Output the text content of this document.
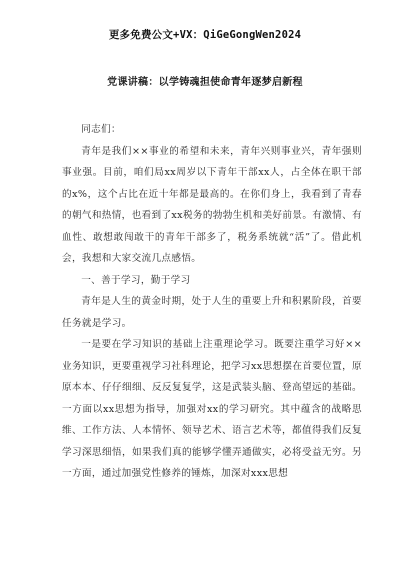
更多免费公文+VX：QiGeGongWen2024
党课讲稿：以学铸魂担使命青年逐梦启新程

同志们：

青年是我们××事业的希望和未来，青年兴则事业兴，青年强则事业强。目前，咱们局xx周岁以下青年干部xx人，占全体在职干部的x%，这个占比在近十年都是最高的。在你们身上，我看到了青春的朝气和热情，也看到了xx税务的勃勃生机和美好前景。有激情、有血性、敢想敢闯敢干的青年干部多了，税务系统就“活”了。借此机会，我想和大家交流几点感悟。

一、善于学习，勤于学习

青年是人生的黄金时期，处于人生的重要上升和积累阶段，首要任务就是学习。

一是要在学习知识的基础上注重理论学习。既要注重学习好××业务知识，更要重视学习社科理论，把学习xx思想摆在首要位置，原原本本、仔仔细细、反反复复学，这是武装头脑、登高望远的基础。一方面以xx思想为指导，加强对xx的学习研究。其中蕴含的战略思维、工作方法、人本情怀、领导艺术、语言艺术等，都值得我们反复学习深思细悟，如果我们真的能够学懂弄通做实，必将受益无穷。另一方面，通过加强党性修养的锤炼，加深对xxx思想
